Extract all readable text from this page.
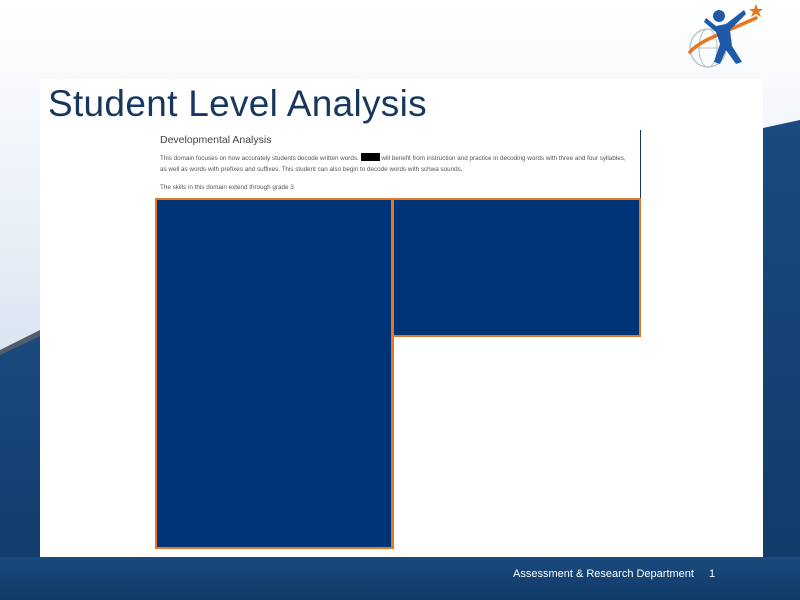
Student Level Analysis
Developmental Analysis
This domain focuses on how accurately students decode written words.	will benefit from instruction and practice in decoding words with three and four syllables, as well as words with prefixes and suffixes. This student can also begin to decode words with schwa sounds.
The skills in this domain extend through grade 3.
Assessment & Research Department 1
